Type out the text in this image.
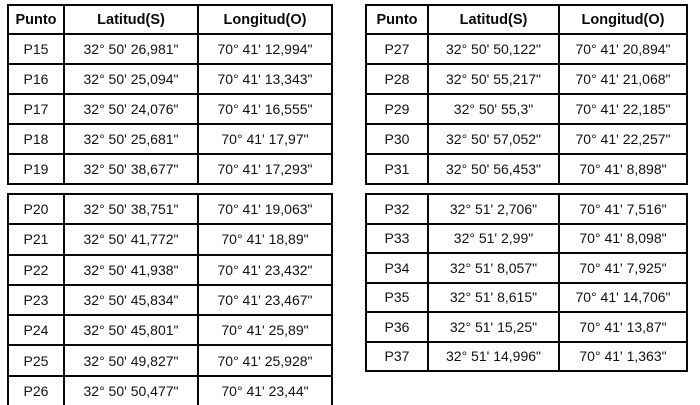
Punto	Latitud(S)	Longitud(O)
P15	32° 50' 26,981"	70° 41' 12,994"
P16	32° 50' 25,094"	70° 41' 13,343"
P17	32° 50' 24,076"	70° 41' 16,555"
P18	32° 50' 25,681"	70° 41' 17,97"
P19	32° 50' 38,677"	70° 41' 17,293"
P20	32° 50' 38,751"	70° 41' 19,063"
P21	32° 50' 41,772"	70° 41' 18,89"
P22	32° 50' 41,938"	70° 41' 23,432"
P23	32° 50' 45,834"	70° 41' 23,467"
P24	32° 50' 45,801"	70° 41' 25,89"
P25	32° 50' 49,827"	70° 41' 25,928"
P26	32° 50' 50,477"	70° 41' 23,44"
Punto	Latitud(S)	Longitud(O)
P27	32° 50' 50,122"	70° 41' 20,894"
P28	32° 50' 55,217"	70° 41' 21,068"
P29	32° 50' 55,3"	70° 41' 22,185"
P30	32° 50' 57,052"	70° 41' 22,257"
P31	32° 50' 56,453"	70° 41' 8,898"
P32	32° 51' 2,706"	70° 41' 7,516"
P33	32° 51' 2,99"	70° 41' 8,098"
P34	32° 51' 8,057"	70° 41' 7,925"
P35	32° 51' 8,615"	70° 41' 14,706"
P36	32° 51' 15,25"	70° 41' 13,87"
P37	32° 51' 14,996"	70° 41' 1,363"
